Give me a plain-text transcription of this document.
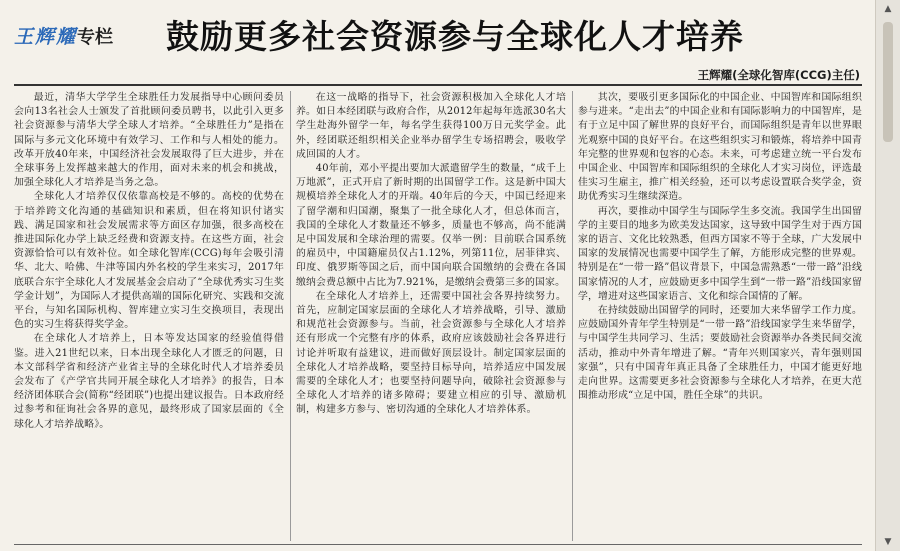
王辉耀专栏 鼓励更多社会资源参与全球化人才培养
王辉耀(全球化智库(CCG)主任)

最近，清华大学学生全球胜任力发展指导中心顾问委员会向13名社会人士颁发了首批顾问委员聘书，以此引入更多社会资源参与清华大学全球人才培养。“全球胜任力”是指在国际与多元文化环境中有效学习、工作和与人相处的能力。改革开放40年来，中国经济社会发展取得了巨大进步，并在全球事务上发挥越来越大的作用，面对未来的机会和挑战，加强全球化人才培养是当务之急。

全球化人才培养仅仅依靠高校是不够的。高校的优势在于培养跨文化沟通的基础知识和素质，但在将知识付诸实践、满足国家和社会发展需求等方面区存加强，很多高校在推进国际化办学上缺乏经费和资源支持。在这些方面，社会资源恰恰可以有效补位。如全球化智库(CCG)每年会吸引清华、北大、哈佛、牛津等国内外名校的学生来实习，2017年底联合东宇全球化人才发展基金会启动了“全球优秀实习生奖学金计划”，为国际人才提供高端的国际化研究、实践和交流平台，与知名国际机构、智库建立实习生交换项目，表现出色的实习生将获得奖学金。

在全球化人才培养上，日本等发达国家的经验值得借鉴。进入21世纪以来，日本出现全球化人才匮乏的问题，日本文部科学省和经济产业省主导的全球化时代人才培养委员会发布了《产学官共同开展全球化人才培养》的报告，日本经济团体联合会(简称“经团联”)也提出建议报告。日本政府经过参考和征询社会各界的意见，最终形成了国家层面的《全球化人才培养战略》。

在这一战略的指导下，社会资源积极加入全球化人才培养。如日本经团联与政府合作，从2012年起每年选派30名大学生赴海外留学一年，每名学生获得100万日元奖学金。此外，经团联还组织相关企业举办留学生专场招聘会，吸收学成回国的人才。

40年前，邓小平提出要加大派遣留学生的数量，“成千上万地派”，正式开启了新时期的出国留学工作。这是新中国大规模培养全球化人才的开端。40年后的今天，中国已经迎来了留学潮和归国潮，聚集了一批全球化人才，但总体而言，我国的全球化人才数量还不够多，质量也不够高，尚不能满足中国发展和全球治理的需要。仅举一例：目前联合国系统的雇员中，中国籍雇员仅占1.12%，列第11位，居菲律宾、印度、俄罗斯等国之后，而中国向联合国缴纳的会费在各国缴纳会费总额中占比为7.921%，是缴纳会费第三多的国家。

在全球化人才培养上，还需要中国社会各界持续努力。首先，应制定国家层面的全球化人才培养战略，引导、激励和规范社会资源参与。当前，社会资源参与全球化人才培养还有形成一个完整有序的体系，政府应该鼓励社会各界进行讨论并听取有益建议，进而做好顶层设计。制定国家层面的全球化人才培养战略，要坚持目标导向，培养适应中国发展需要的全球化人才；也要坚持问题导向，破除社会资源参与全球化人才培养的诸多障碍；要建立相应的引导、激励机制，构建多方参与、密切沟通的全球化人才培养体系。

其次，要吸引更多国际化的中国企业、中国智库和国际组织参与进来。“走出去”的中国企业和有国际影响力的中国智库，是有于立足中国了解世界的良好平台，而国际组织是青年以世界眼光观察中国的良好平台。在这些组织实习和锻炼，将培养中国青年完整的世界观和包容的心态。未来，可考虑建立统一平台发布中国企业、中国智库和国际组织的全球化人才实习岗位，评选最佳实习生雇主，推广相关经验，还可以考虑设置联合奖学金，资助优秀实习生继续深造。

再次，要推动中国学生与国际学生多交流。我国学生出国留学的主要目的地多为欧美发达国家，这导致中国学生对于西方国家的语言、文化比较熟悉，但西方国家不等于全球，广大发展中国家的发展情况也需要中国学生了解，方能形成完整的世界观。特别是在“一带一路”倡议背景下，中国急需熟悉“一带一路”沿线国家情况的人才，应鼓励更多中国学生到“一带一路”沿线国家留学，增进对这些国家语言、文化和综合国情的了解。

在持续鼓励出国留学的同时，还要加大来华留学工作力度。应鼓励国外青年学生特别是“一带一路”沿线国家学生来华留学，与中国学生共同学习、生活；要鼓励社会资源举办各类民间交流活动，推动中外青年增进了解。“青年兴则国家兴，青年强则国家强”，只有中国青年真正具备了全球胜任力，中国才能更好地走向世界。这需要更多社会资源参与全球化人才培养，在更大范围推动形成“立足中国，胜任全球”的共识。

▲
▼
